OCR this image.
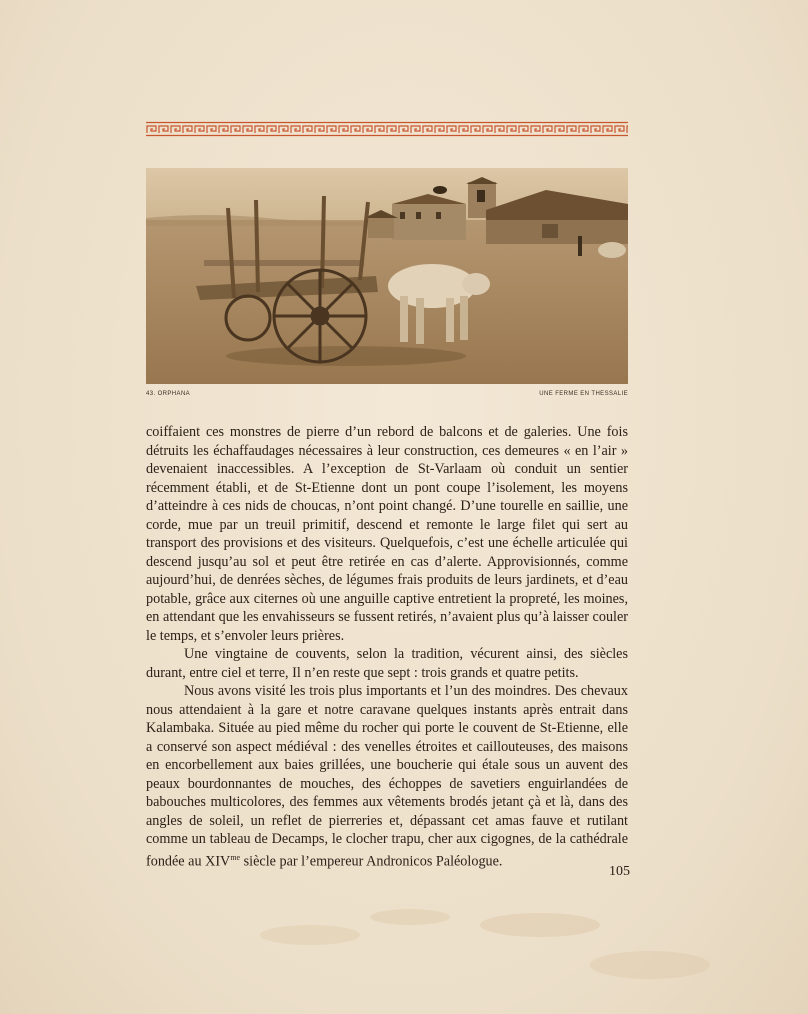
43. ORPHANA	UNE FERME EN THESSALIE

coiffaient ces monstres de pierre d’un rebord de balcons et de galeries. Une fois détruits les échaffaudages nécessaires à leur construction, ces demeures « en l’air » devenaient inaccessibles. A l’exception de St-Varlaam où conduit un sentier récemment établi, et de St-Etienne dont un pont coupe l’isolement, les moyens d’atteindre à ces nids de choucas, n’ont point changé. D’une tourelle en saillie, une corde, mue par un treuil primitif, descend et remonte le large filet qui sert au transport des provisions et des visiteurs. Quelquefois, c’est une échelle articulée qui descend jusqu’au sol et peut être retirée en cas d’alerte. Approvisionnés, comme aujourd’hui, de denrées sèches, de légumes frais produits de leurs jardinets, et d’eau potable, grâce aux citernes où une anguille captive entretient la propreté, les moines, en attendant que les envahisseurs se fussent retirés, n’avaient plus qu’à laisser couler le temps, et s’envoler leurs prières.

Une vingtaine de couvents, selon la tradition, vécurent ainsi, des siècles durant, entre ciel et terre, Il n’en reste que sept : trois grands et quatre petits.

Nous avons visité les trois plus importants et l’un des moindres. Des chevaux nous attendaient à la gare et notre caravane quelques instants après entrait dans Kalambaka. Située au pied même du rocher qui porte le couvent de St-Etienne, elle a conservé son aspect médiéval : des venelles étroites et caillouteuses, des maisons en encorbellement aux baies grillées, une boucherie qui étale sous un auvent des peaux bourdonnantes de mouches, des échoppes de savetiers enguirlandées de babouches multicolores, des femmes aux vêtements brodés jetant çà et là, dans des angles de soleil, un reflet de pierreries et, dépassant cet amas fauve et rutilant comme un tableau de Decamps, le clocher trapu, cher aux cigognes, de la cathédrale fondée au $XIV^{me}$ siècle par l’empereur Andronicos Paléologue.

105
